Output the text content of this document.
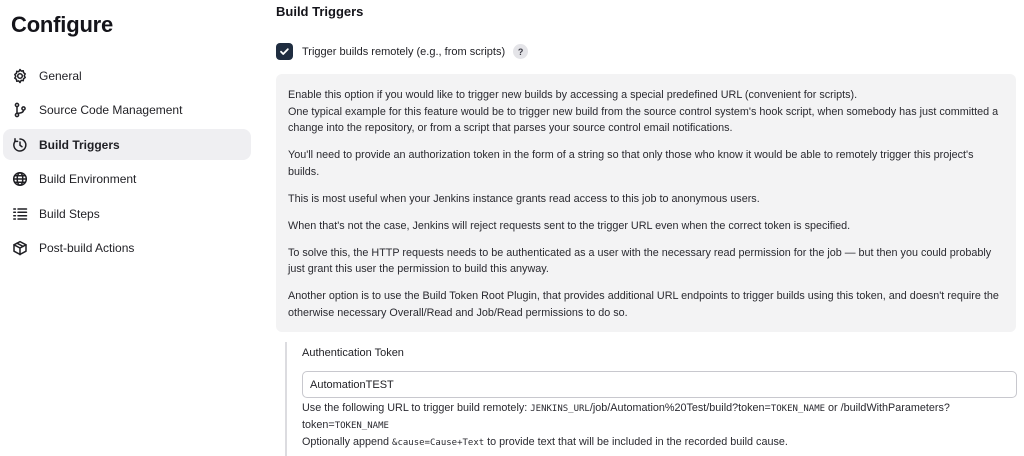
Configure
General
Source Code Management
Build Triggers
Build Environment
Build Steps
Post-build Actions
Build Triggers
Trigger builds remotely (e.g., from scripts)	?

Enable this option if you would like to trigger new builds by accessing a special predefined URL (convenient for scripts).
One typical example for this feature would be to trigger new build from the source control system's hook script, when somebody has just committed a change into the repository, or from a script that parses your source control email notifications.

You'll need to provide an authorization token in the form of a string so that only those who know it would be able to remotely trigger this project's builds.

This is most useful when your Jenkins instance grants read access to this job to anonymous users.

When that's not the case, Jenkins will reject requests sent to the trigger URL even when the correct token is specified.

To solve this, the HTTP requests needs to be authenticated as a user with the necessary read permission for the job — but then you could probably just grant this user the permission to build this anyway.

Another option is to use the Build Token Root Plugin, that provides additional URL endpoints to trigger builds using this token, and doesn't require the otherwise necessary Overall/Read and Job/Read permissions to do so.

Authentication Token
AutomationTEST
Use the following URL to trigger build remotely: JENKINS_URL/job/Automation%20Test/build?token=TOKEN_NAME or /buildWithParameters?
token=TOKEN_NAME
Optionally append &cause=Cause+Text to provide text that will be included in the recorded build cause.
